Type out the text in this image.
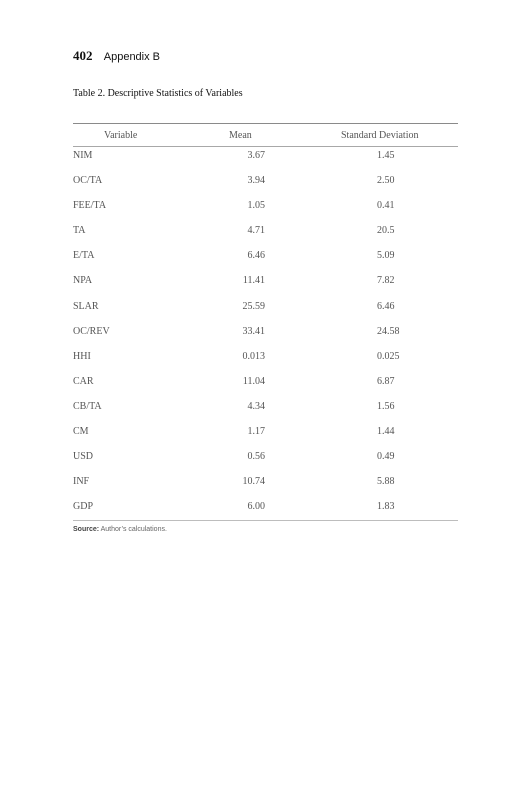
402 Appendix B
Table 2. Descriptive Statistics of Variables
Variable	Mean	Standard Deviation
NIM	3.67	1.45
OC/TA	3.94	2.50
FEE/TA	1.05	0.41
TA	4.71	20.5
E/TA	6.46	5.09
NPA	11.41	7.82
SLAR	25.59	6.46
OC/REV	33.41	24.58
HHI	0.013	0.025
CAR	11.04	6.87
CB/TA	4.34	1.56
CM	1.17	1.44
USD	0.56	0.49
INF	10.74	5.88
GDP	6.00	1.83
Source: Author’s calculations.
